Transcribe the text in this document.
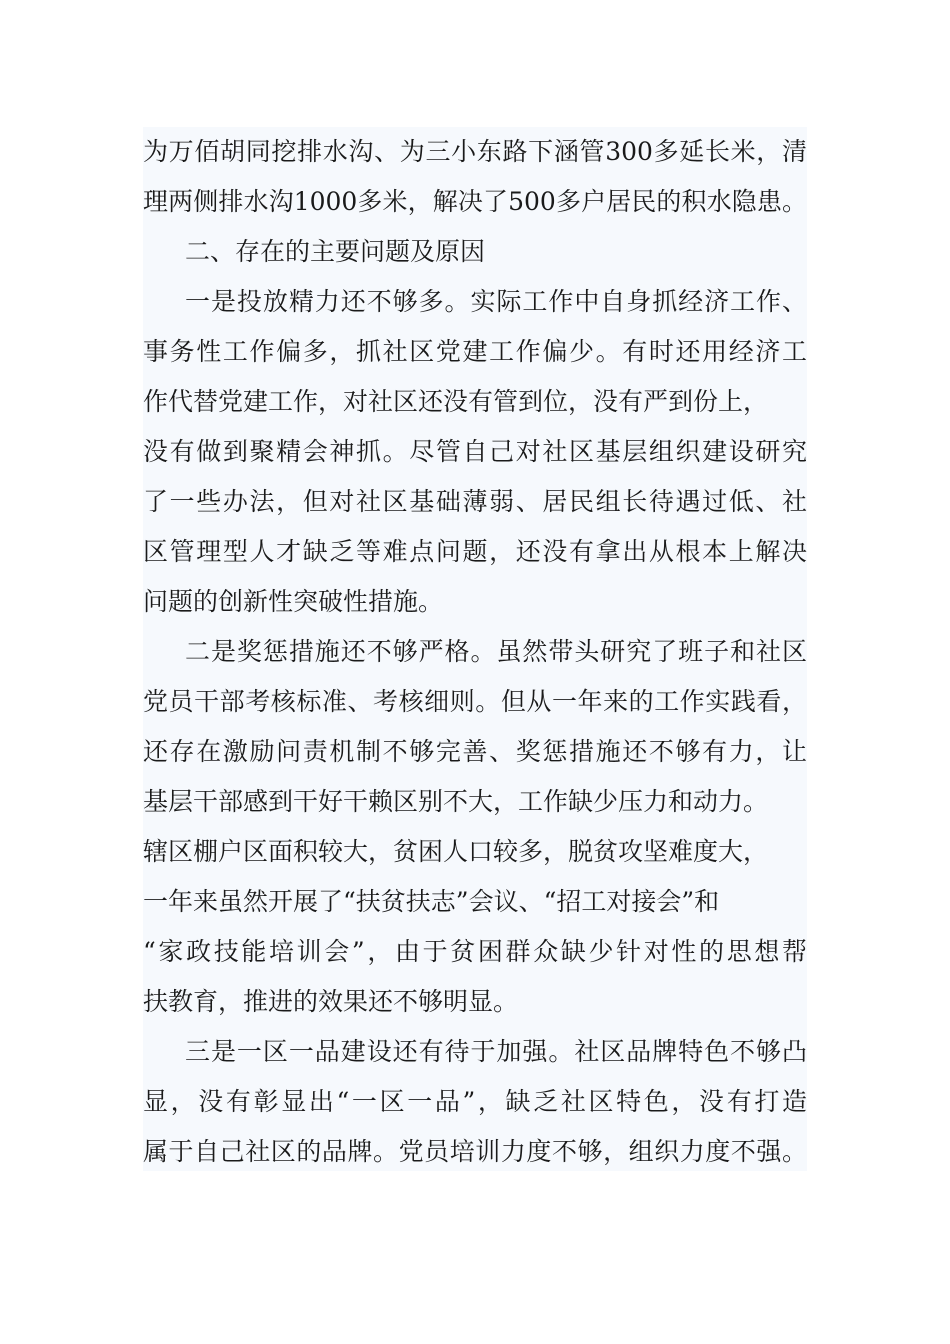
为万佰胡同挖排水沟、为三小东路下涵管300多延长米，清
理两侧排水沟1000多米，解决了500多户居民的积水隐患。
二、存在的主要问题及原因
一是投放精力还不够多。实际工作中自身抓经济工作、
事务性工作偏多，抓社区党建工作偏少。有时还用经济工
作代替党建工作，对社区还没有管到位，没有严到份上，
没有做到聚精会神抓。尽管自己对社区基层组织建设研究
了一些办法，但对社区基础薄弱、居民组长待遇过低、社
区管理型人才缺乏等难点问题，还没有拿出从根本上解决
问题的创新性突破性措施。
二是奖惩措施还不够严格。虽然带头研究了班子和社区
党员干部考核标准、考核细则。但从一年来的工作实践看，
还存在激励问责机制不够完善、奖惩措施还不够有力，让
基层干部感到干好干赖区别不大，工作缺少压力和动力。
辖区棚户区面积较大，贫困人口较多，脱贫攻坚难度大，
一年来虽然开展了“扶贫扶志”会议、“招工对接会”和
“家政技能培训会”，由于贫困群众缺少针对性的思想帮
扶教育，推进的效果还不够明显。
三是一区一品建设还有待于加强。社区品牌特色不够凸
显，没有彰显出“一区一品”，缺乏社区特色，没有打造
属于自己社区的品牌。党员培训力度不够，组织力度不强。
